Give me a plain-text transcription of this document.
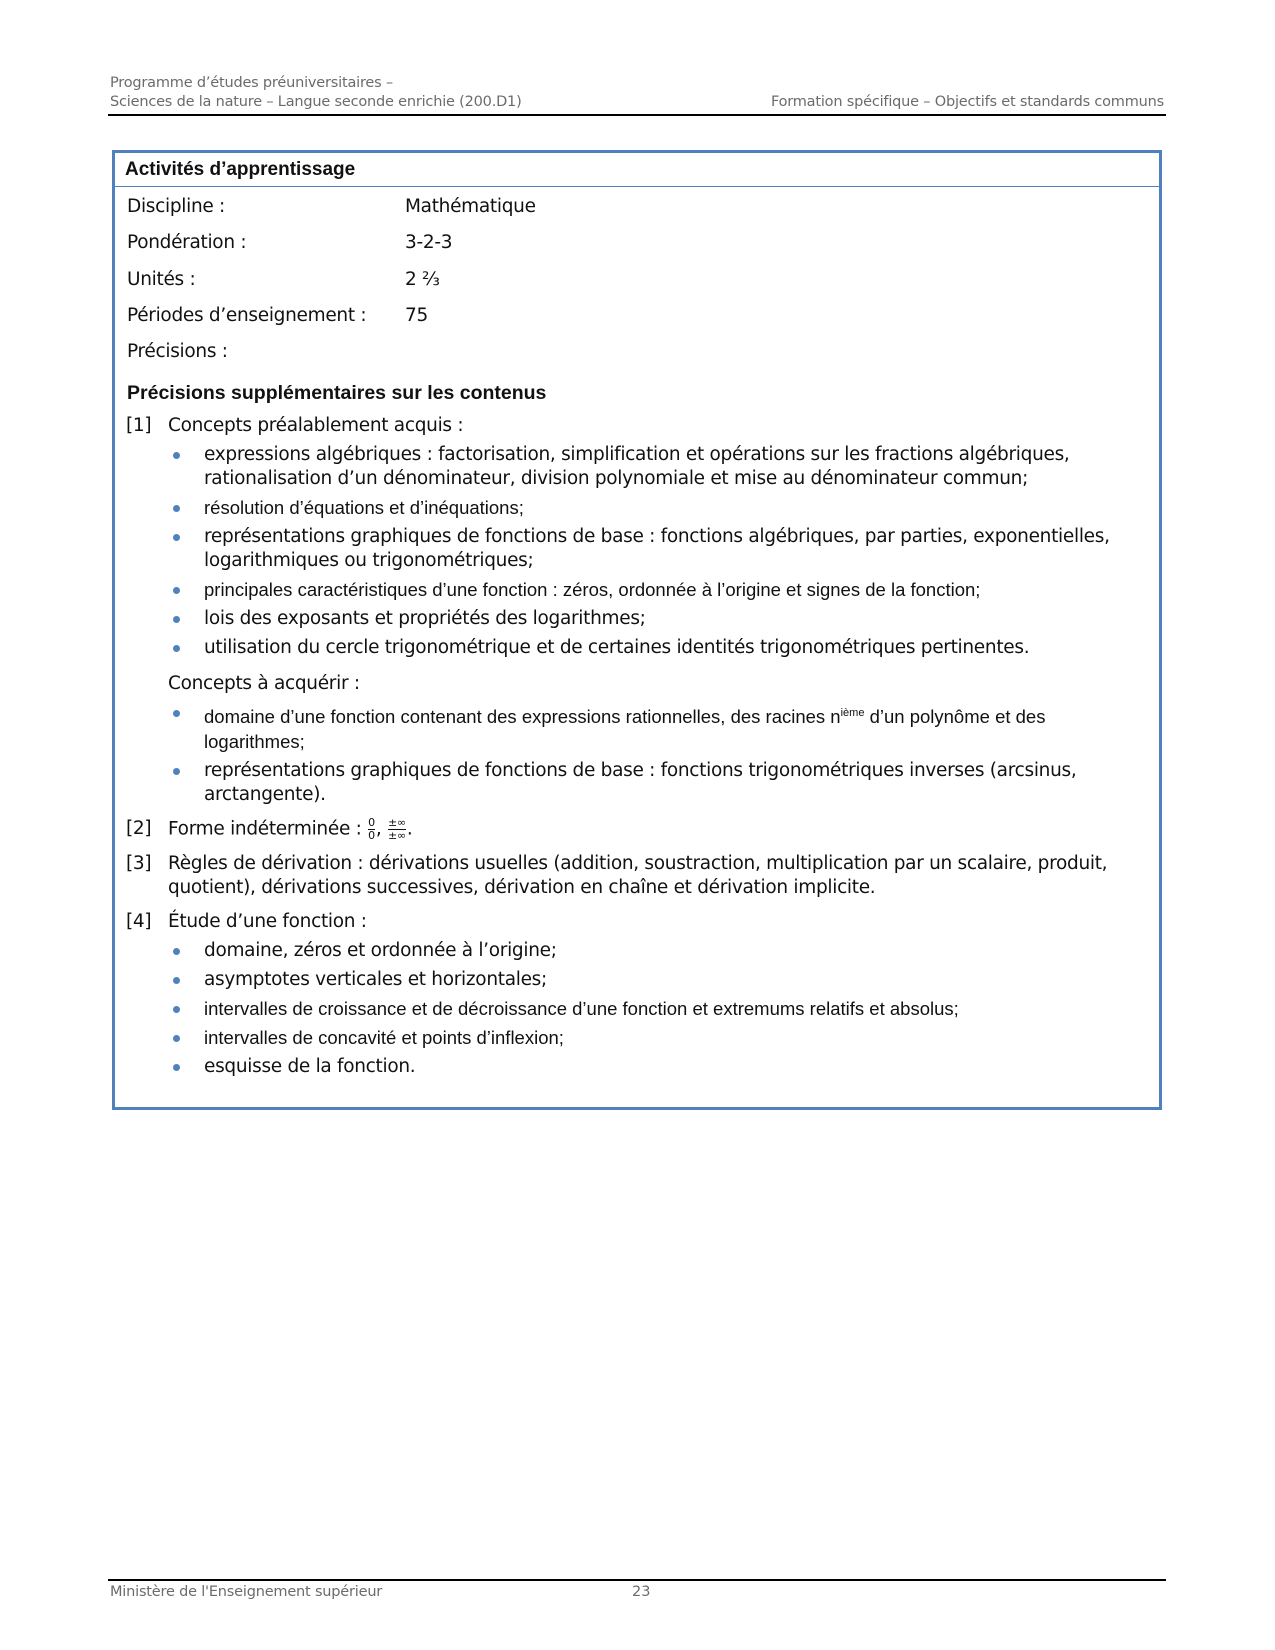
Programme d’études préuniversitaires –
Sciences de la nature – Langue seconde enrichie (200.D1)	Formation spécifique – Objectifs et standards communs
Activités d’apprentissage
Discipline :	Mathématique
Pondération :	3-2-3
Unités :	2 ⅔
Périodes d’enseignement :	75
Précisions :
Précisions supplémentaires sur les contenus
[1] Concepts préalablement acquis :
expressions algébriques : factorisation, simplification et opérations sur les fractions algébriques, rationalisation d’un dénominateur, division polynomiale et mise au dénominateur commun;
résolution d’équations et d’inéquations;
représentations graphiques de fonctions de base : fonctions algébriques, par parties, exponentielles, logarithmiques ou trigonométriques;
principales caractéristiques d’une fonction : zéros, ordonnée à l’origine et signes de la fonction;
lois des exposants et propriétés des logarithmes;
utilisation du cercle trigonométrique et de certaines identités trigonométriques pertinentes.
Concepts à acquérir :
domaine d’une fonction contenant des expressions rationnelles, des racines $n^{ième}$ d’un polynôme et des logarithmes;
représentations graphiques de fonctions de base : fonctions trigonométriques inverses (arcsinus, arctangente).
[2] Forme indéterminée : $\frac{0}{0}$ , $\frac{\pm\infty}{\pm\infty}$ .
[3] Règles de dérivation : dérivations usuelles (addition, soustraction, multiplication par un scalaire, produit, quotient), dérivations successives, dérivation en chaîne et dérivation implicite.
[4] Étude d’une fonction :
domaine, zéros et ordonnée à l’origine;
asymptotes verticales et horizontales;
intervalles de croissance et de décroissance d’une fonction et extremums relatifs et absolus;
intervalles de concavité et points d’inflexion;
esquisse de la fonction.
Ministère de l'Enseignement supérieur	23
